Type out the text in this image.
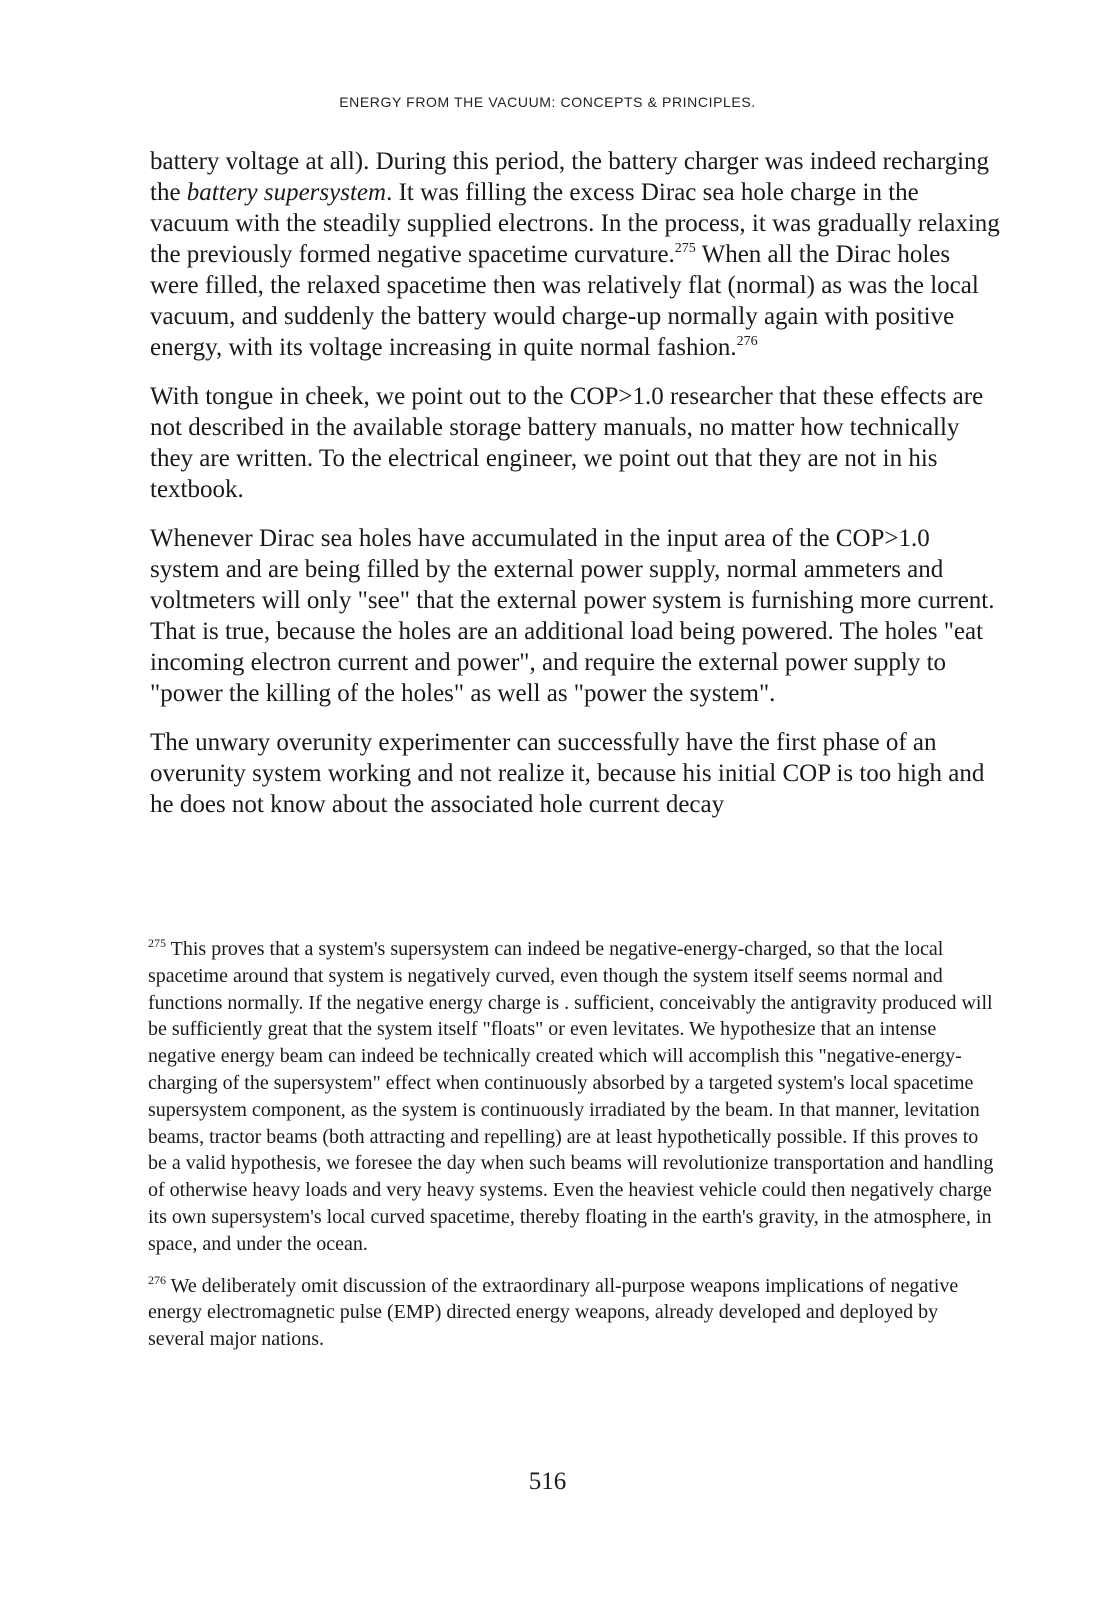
ENERGY FROM THE VACUUM: CONCEPTS & PRINCIPLES.

battery voltage at all). During this period, the battery charger was indeed recharging the battery supersystem. It was filling the excess Dirac sea hole charge in the vacuum with the steadily supplied electrons. In the process, it was gradually relaxing the previously formed negative spacetime curvature.$^{275}$ When all the Dirac holes were filled, the relaxed spacetime then was relatively flat (normal) as was the local vacuum, and suddenly the battery would charge-up normally again with positive energy, with its voltage increasing in quite normal fashion.$^{276}$

With tongue in cheek, we point out to the COP>1.0 researcher that these effects are not described in the available storage battery manuals, no matter how technically they are written. To the electrical engineer, we point out that they are not in his textbook.

Whenever Dirac sea holes have accumulated in the input area of the COP>1.0 system and are being filled by the external power supply, normal ammeters and voltmeters will only "see" that the external power system is furnishing more current. That is true, because the holes are an additional load being powered. The holes "eat incoming electron current and power", and require the external power supply to "power the killing of the holes" as well as "power the system".

The unwary overunity experimenter can successfully have the first phase of an overunity system working and not realize it, because his initial COP is too high and he does not know about the associated hole current decay

$^{275}$ This proves that a system's supersystem can indeed be negative-energy-charged, so that the local spacetime around that system is negatively curved, even though the system itself seems normal and functions normally. If the negative energy charge is . sufficient, conceivably the antigravity produced will be sufficiently great that the system itself "floats" or even levitates. We hypothesize that an intense negative energy beam can indeed be technically created which will accomplish this "negative-energy-charging of the supersystem" effect when continuously absorbed by a targeted system's local spacetime supersystem component, as the system is continuously irradiated by the beam. In that manner, levitation beams, tractor beams (both attracting and repelling) are at least hypothetically possible. If this proves to be a valid hypothesis, we foresee the day when such beams will revolutionize transportation and handling of otherwise heavy loads and very heavy systems. Even the heaviest vehicle could then negatively charge its own supersystem's local curved spacetime, thereby floating in the earth's gravity, in the atmosphere, in space, and under the ocean.

$^{276}$ We deliberately omit discussion of the extraordinary all-purpose weapons implications of negative energy electromagnetic pulse (EMP) directed energy weapons, already developed and deployed by several major nations.

516
